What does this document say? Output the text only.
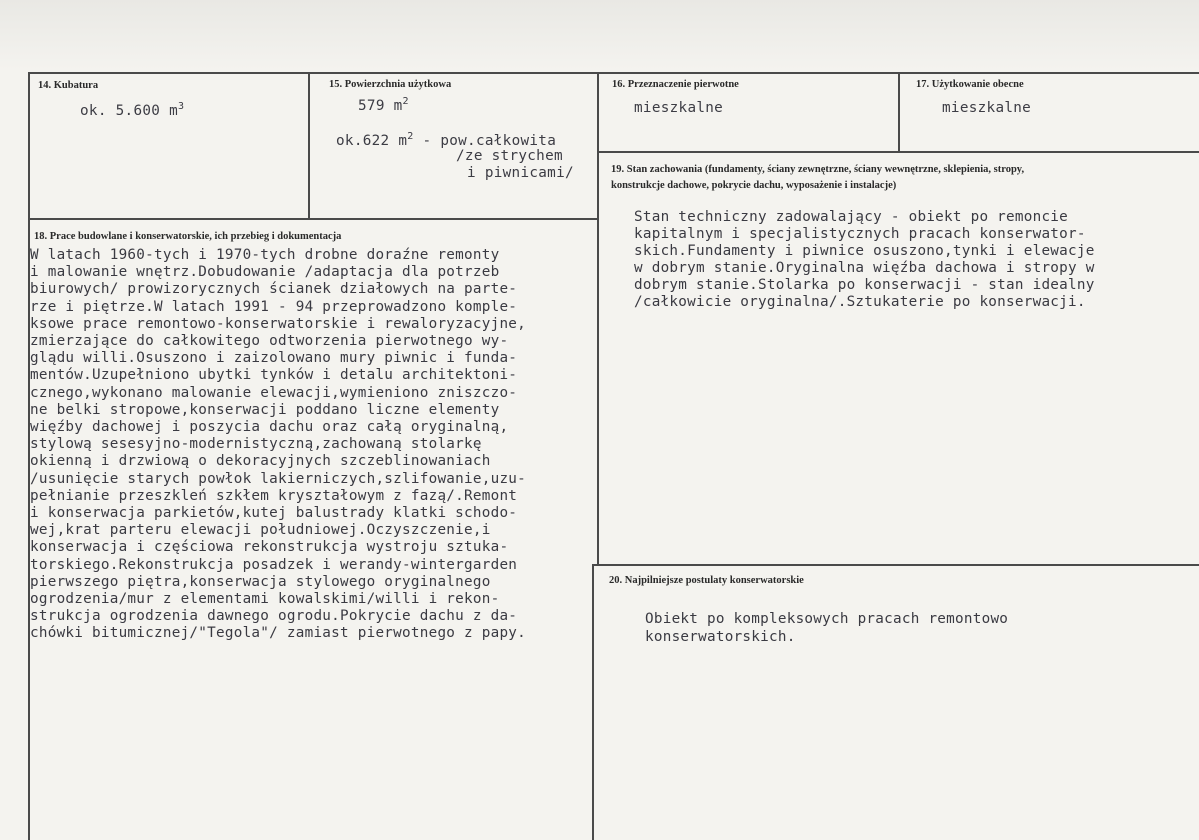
14. Kubatura
ok. 5.600 $m^3$
15. Powierzchnia użytkowa
579 $m^2$
ok.622 $m^2$ - pow.całkowita
/ze strychem
i piwnicami/
16. Przeznaczenie pierwotne
mieszkalne
17. Użytkowanie obecne
mieszkalne
18. Prace budowlane i konserwatorskie, ich przebieg i dokumentacja
W latach 1960-tych i 1970-tych drobne doraźne remonty
i malowanie wnętrz.Dobudowanie /adaptacja dla potrzeb
biurowych/ prowizorycznych ścianek działowych na parte-
rze i piętrze.W latach 1991 - 94 przeprowadzono komple-
ksowe prace remontowo-konserwatorskie i rewaloryzacyjne,
zmierzające do całkowitego odtworzenia pierwotnego wy-
glądu willi.Osuszono i zaizolowano mury piwnic i funda-
mentów.Uzupełniono ubytki tynków i detalu architektoni-
cznego,wykonano malowanie elewacji,wymieniono zniszczo-
ne belki stropowe,konserwacji poddano liczne elementy
więźby dachowej i poszycia dachu oraz całą oryginalną,
stylową sesesyjno-modernistyczną,zachowaną stolarkę
okienną i drzwiową o dekoracyjnych szczeblinowaniach
/usunięcie starych powłok lakierniczych,szlifowanie,uzu-
pełnianie przeszkleń szkłem kryształowym z fazą/.Remont
i konserwacja parkietów,kutej balustrady klatki schodo-
wej,krat parteru elewacji południowej.Oczyszczenie,i
konserwacja i częściowa rekonstrukcja wystroju sztuka-
torskiego.Rekonstrukcja posadzek i werandy-wintergarden
pierwszego piętra,konserwacja stylowego oryginalnego
ogrodzenia/mur z elementami kowalskimi/willi i rekon-
strukcja ogrodzenia dawnego ogrodu.Pokrycie dachu z da-
chówki bitumicznej/"Tegola"/ zamiast pierwotnego z papy.
19. Stan zachowania (fundamenty, ściany zewnętrzne, ściany wewnętrzne, sklepienia, stropy,
konstrukcje dachowe, pokrycie dachu, wyposażenie i instalacje)
Stan techniczny zadowalający - obiekt po remoncie
kapitalnym i specjalistycznych pracach konserwator-
skich.Fundamenty i piwnice osuszono,tynki i elewacje
w dobrym stanie.Oryginalna więźba dachowa i stropy w
dobrym stanie.Stolarka po konserwacji - stan idealny
/całkowicie oryginalna/.Sztukaterie po konserwacji.
20. Najpilniejsze postulaty konserwatorskie
Obiekt po kompleksowych pracach remontowo
konserwatorskich.
